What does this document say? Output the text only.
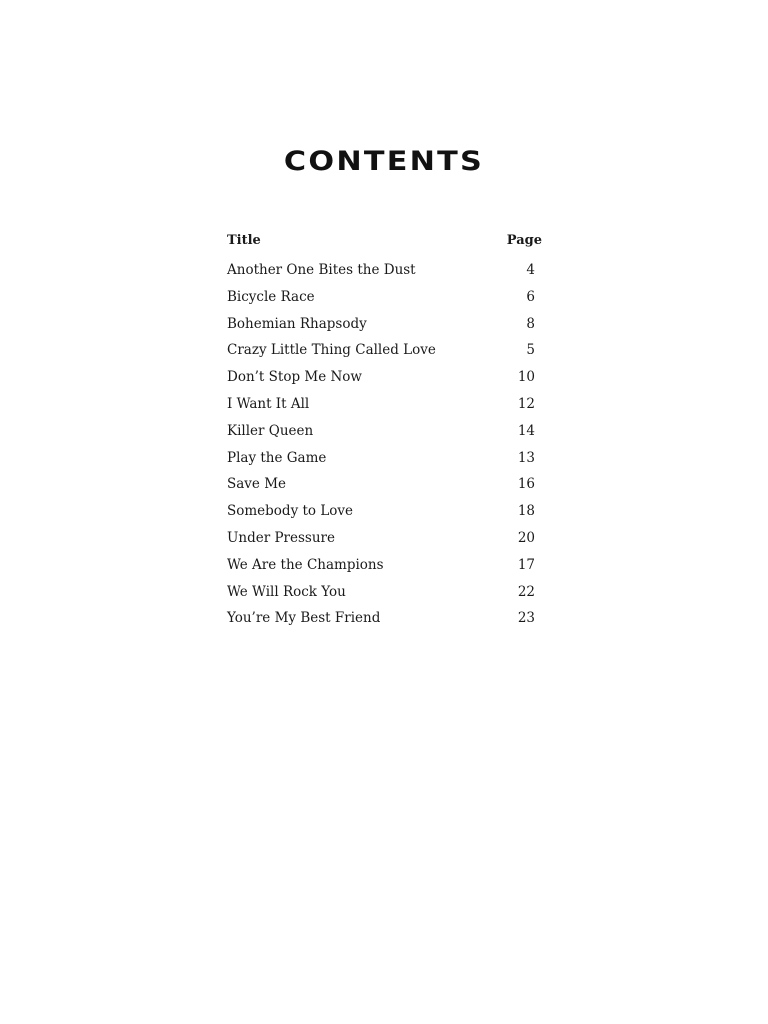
CONTENTS
Title	Page
Another One Bites the Dust	4
Bicycle Race	6
Bohemian Rhapsody	8
Crazy Little Thing Called Love	5
Don’t Stop Me Now	10
I Want It All	12
Killer Queen	14
Play the Game	13
Save Me	16
Somebody to Love	18
Under Pressure	20
We Are the Champions	17
We Will Rock You	22
You’re My Best Friend	23
